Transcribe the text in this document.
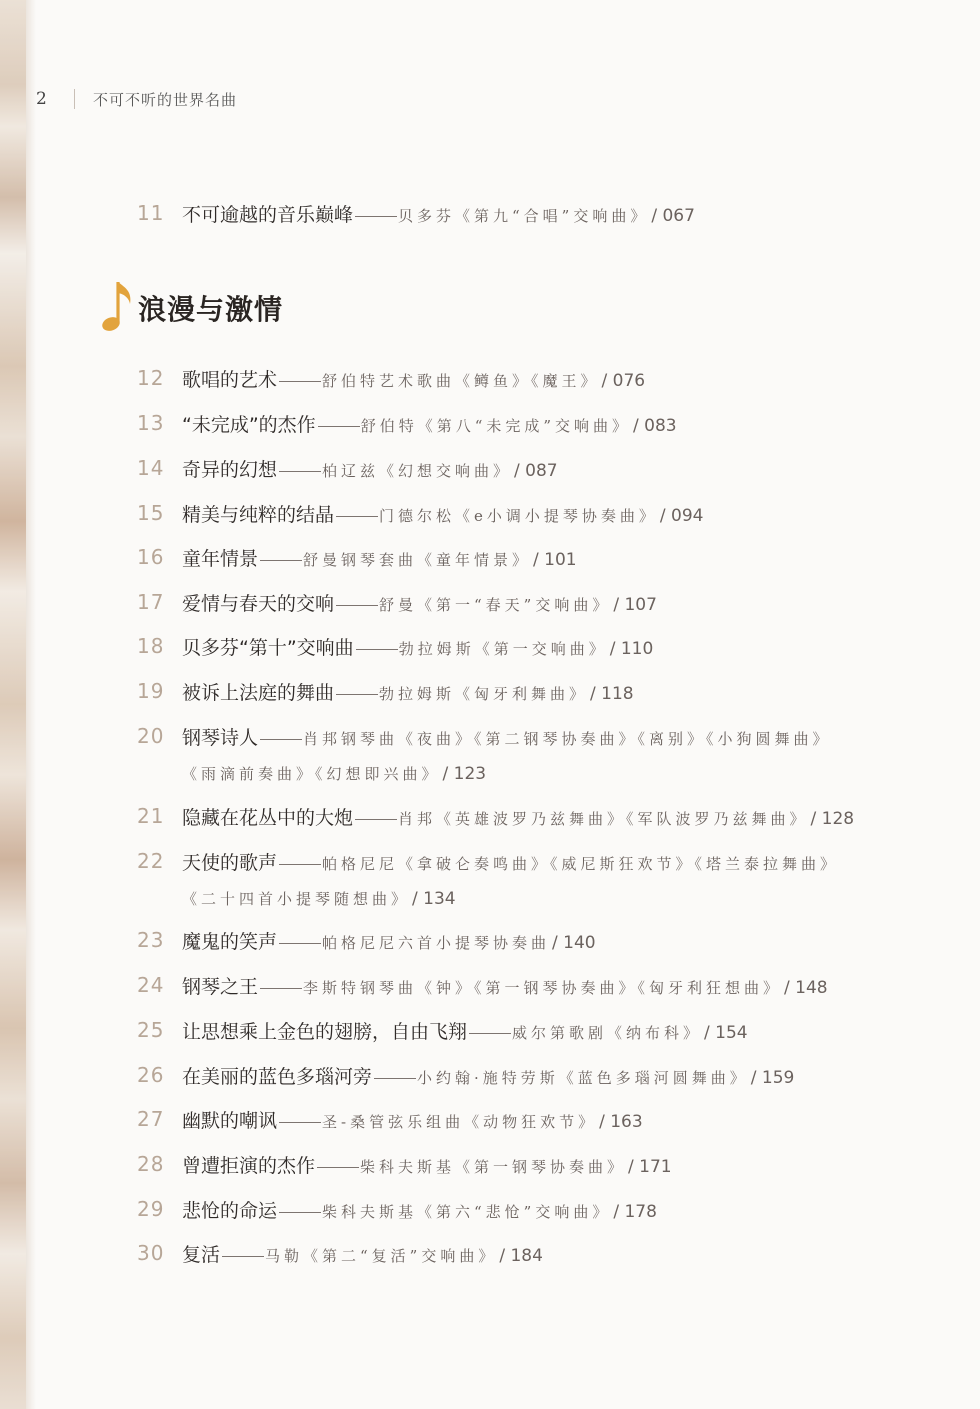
2	不可不听的世界名曲
11 不可逾越的音乐巅峰	贝多芬《第九“合唱”交响曲》 / 067
浪漫与激情
12 歌唱的艺术	舒伯特艺术歌曲《鳟鱼》《魔王》 / 076
13 “未完成”的杰作	舒伯特《第八“未完成”交响曲》 / 083
14 奇异的幻想	柏辽兹《幻想交响曲》 / 087
15 精美与纯粹的结晶	门德尔松《e小调小提琴协奏曲》 / 094
16 童年情景	舒曼钢琴套曲《童年情景》 / 101
17 爱情与春天的交响	舒曼《第一“春天”交响曲》 / 107
18 贝多芬“第十”交响曲	勃拉姆斯《第一交响曲》 / 110
19 被诉上法庭的舞曲	勃拉姆斯《匈牙利舞曲》 / 118
20 钢琴诗人	肖邦钢琴曲《夜曲》《第二钢琴协奏曲》《离别》《小狗圆舞曲》
《雨滴前奏曲》《幻想即兴曲》 / 123
21 隐藏在花丛中的大炮	肖邦《英雄波罗乃兹舞曲》《军队波罗乃兹舞曲》 / 128
22 天使的歌声	帕格尼尼《拿破仑奏鸣曲》《威尼斯狂欢节》《塔兰泰拉舞曲》
《二十四首小提琴随想曲》 / 134
23 魔鬼的笑声	帕格尼尼六首小提琴协奏曲 / 140
24 钢琴之王	李斯特钢琴曲《钟》《第一钢琴协奏曲》《匈牙利狂想曲》 / 148
25 让思想乘上金色的翅膀，自由飞翔	威尔第歌剧《纳布科》 / 154
26 在美丽的蓝色多瑙河旁	小约翰·施特劳斯《蓝色多瑙河圆舞曲》 / 159
27 幽默的嘲讽	圣-桑管弦乐组曲《动物狂欢节》 / 163
28 曾遭拒演的杰作	柴科夫斯基《第一钢琴协奏曲》 / 171
29 悲怆的命运	柴科夫斯基《第六“悲怆”交响曲》 / 178
30 复活	马勒《第二“复活”交响曲》 / 184
